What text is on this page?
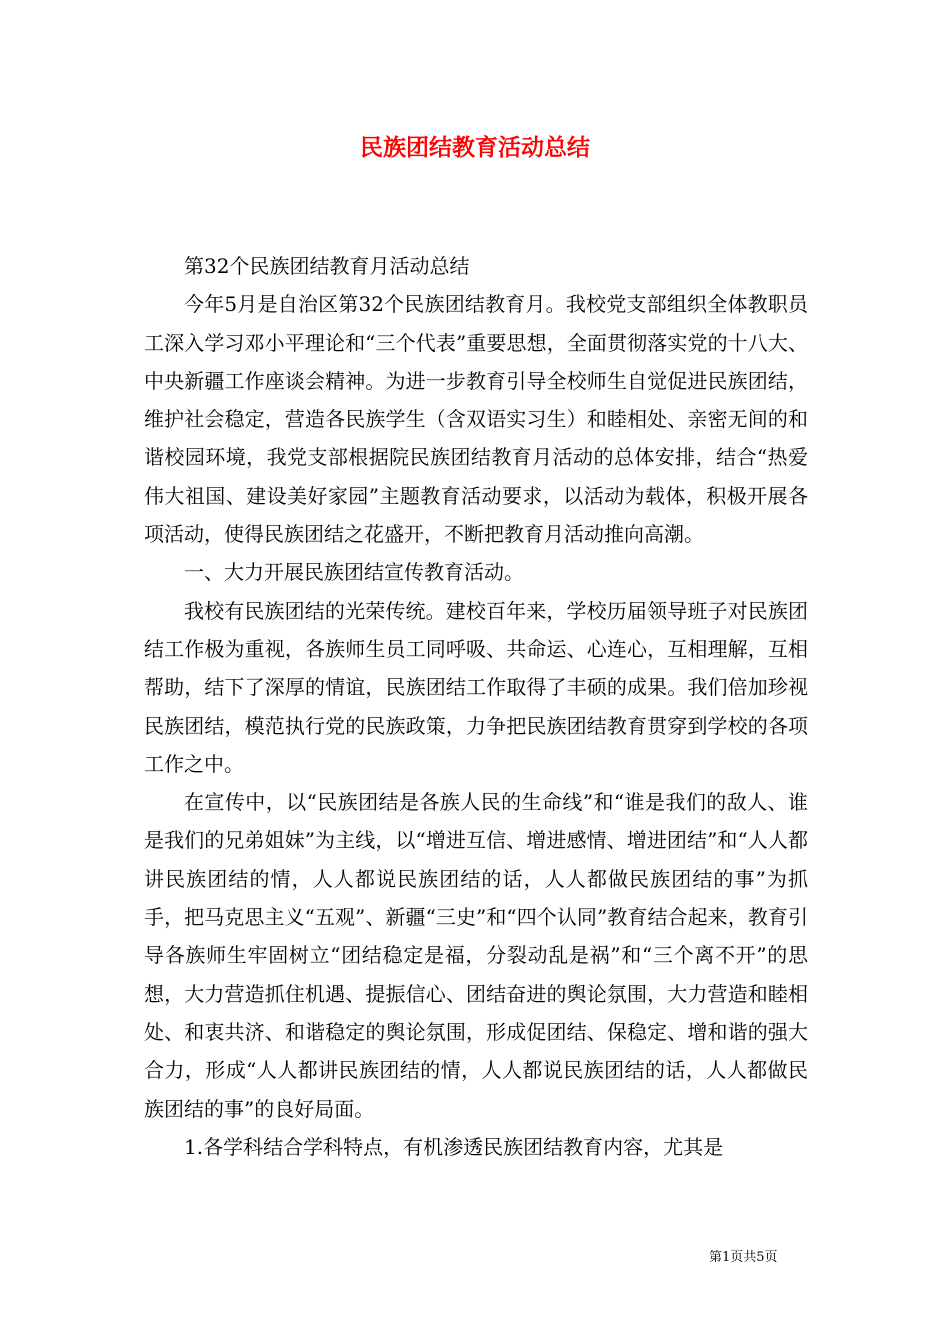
民族团结教育活动总结

第32个民族团结教育月活动总结

今年5月是自治区第32个民族团结教育月。我校党支部组织全体教职员工深入学习邓小平理论和“三个代表”重要思想，全面贯彻落实党的十八大、中央新疆工作座谈会精神。为进一步教育引导全校师生自觉促进民族团结，维护社会稳定，营造各民族学生（含双语实习生）和睦相处、亲密无间的和谐校园环境，我党支部根据院民族团结教育月活动的总体安排，结合“热爱伟大祖国、建设美好家园”主题教育活动要求，以活动为载体，积极开展各项活动，使得民族团结之花盛开，不断把教育月活动推向高潮。

一、大力开展民族团结宣传教育活动。

我校有民族团结的光荣传统。建校百年来，学校历届领导班子对民族团结工作极为重视，各族师生员工同呼吸、共命运、心连心，互相理解，互相帮助，结下了深厚的情谊，民族团结工作取得了丰硕的成果。我们倍加珍视民族团结，模范执行党的民族政策，力争把民族团结教育贯穿到学校的各项工作之中。

在宣传中，以“民族团结是各族人民的生命线”和“谁是我们的敌人、谁是我们的兄弟姐妹”为主线，以“增进互信、增进感情、增进团结”和“人人都讲民族团结的情，人人都说民族团结的话，人人都做民族团结的事”为抓手，把马克思主义“五观”、新疆“三史”和“四个认同”教育结合起来，教育引导各族师生牢固树立“团结稳定是福，分裂动乱是祸”和“三个离不开”的思想，大力营造抓住机遇、提振信心、团结奋进的舆论氛围，大力营造和睦相处、和衷共济、和谐稳定的舆论氛围，形成促团结、保稳定、增和谐的强大合力，形成“人人都讲民族团结的情，人人都说民族团结的话，人人都做民族团结的事”的良好局面。

1.各学科结合学科特点，有机渗透民族团结教育内容，尤其是

第1页共5页
